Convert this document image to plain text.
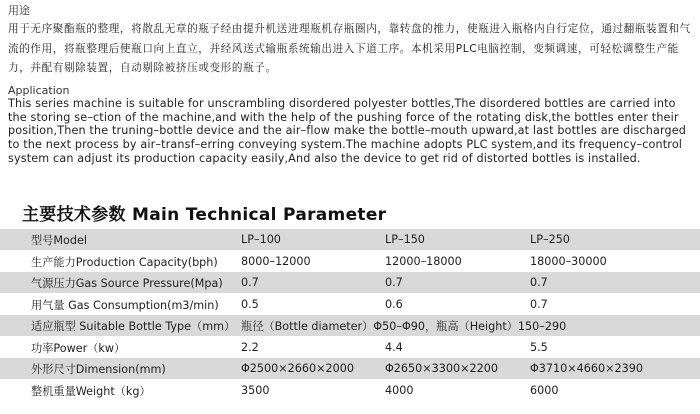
用途
用于无序聚酯瓶的整理，将散乱无章的瓶子经由提升机送进理瓶机存瓶圈内，靠转盘的推力，使瓶进入瓶格内自行定位，通过翻瓶装置和气流的作用，将瓶整理后使瓶口向上直立，并经风送式输瓶系统输出进入下道工序。本机采用PLC电脑控制，变频调速，可轻松调整生产能力，并配有剔除装置，自动剔除被挤压或变形的瓶子。
Application
This series machine is suitable for unscrambling disordered polyester bottles,The disordered bottles are carried into the storing se–ction of the machine,and with the help of the pushing force of the rotating disk,the bottles enter their position,Then the truning–bottle device and the air–flow make the bottle–mouth upward,at last bottles are discharged to the next process by air–transf–erring conveying system.The machine adopts PLC system,and its frequency–control system can adjust its production capacity easily,And also the device to get rid of distorted bottles is installed.
主要技术参数 Main Technical Parameter
型号Model	LP–100	LP–150	LP–250
生产能力Production Capacity(bph)	8000–12000	12000–18000	18000–30000
气源压力Gas Source Pressure(Mpa)	0.7	0.7	0.7
用气量 Gas Consumption(m3/min)	0.5	0.6	0.7
适应瓶型 Suitable Bottle Type（mm）	瓶径（Bottle diameter）Φ50–Φ90，瓶高（Height）150–290		
功率Power（kw）	2.2	4.4	5.5
外形尺寸Dimension(mm)	Φ2500×2660×2000	Φ2650×3300×2200	Φ3710×4660×2390
整机重量Weight（kg）	3500	4000	6000
